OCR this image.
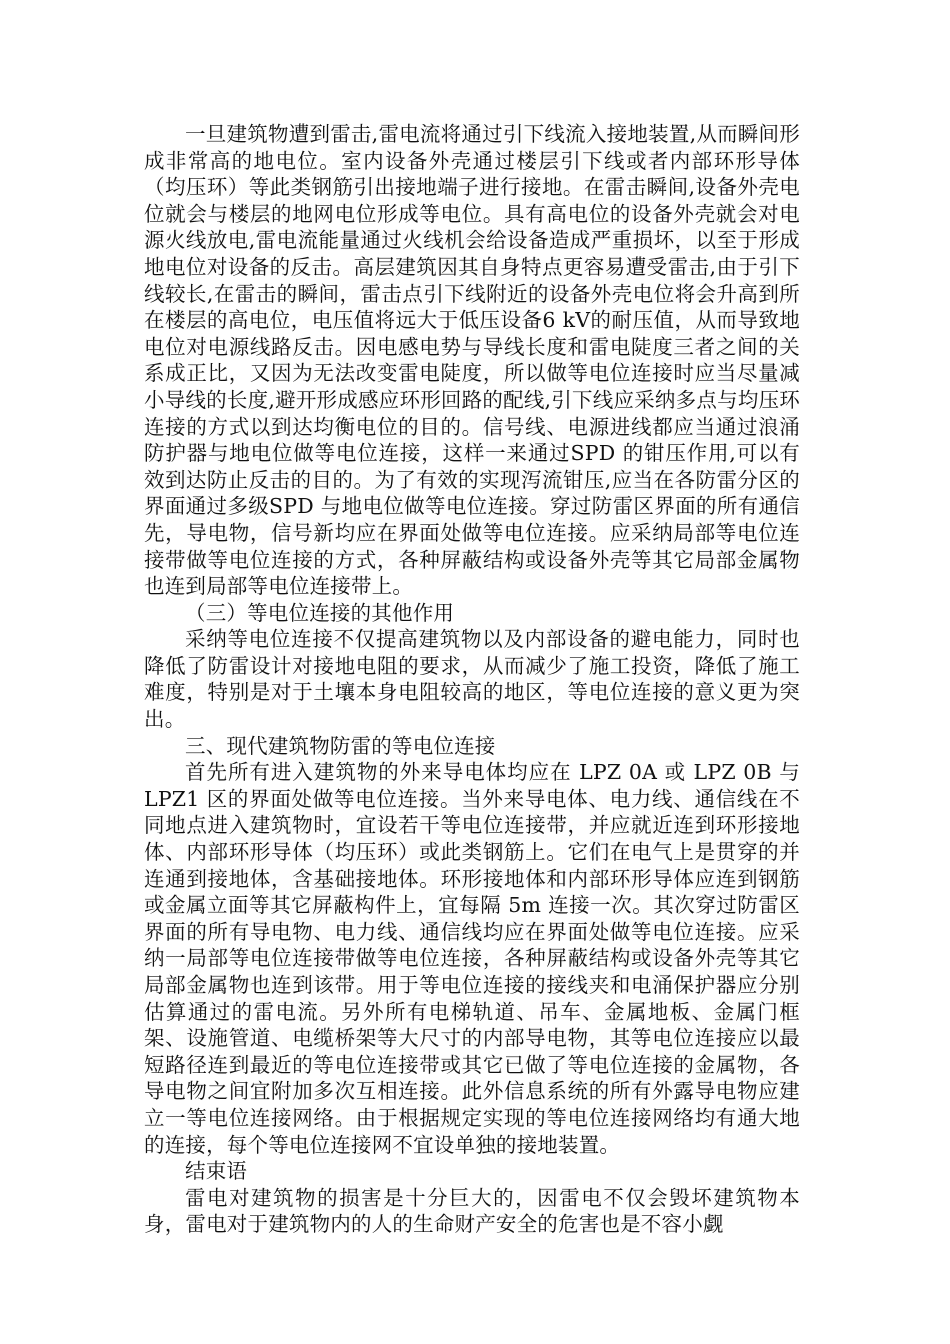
一旦建筑物遭到雷击,雷电流将通过引下线流入接地装置,从而瞬间形成非常高的地电位。室内设备外壳通过楼层引下线或者内部环形导体（均压环）等此类钢筋引出接地端子进行接地。在雷击瞬间,设备外壳电位就会与楼层的地网电位形成等电位。具有高电位的设备外壳就会对电源火线放电,雷电流能量通过火线机会给设备造成严重损坏，以至于形成地电位对设备的反击。高层建筑因其自身特点更容易遭受雷击,由于引下线较长,在雷击的瞬间，雷击点引下线附近的设备外壳电位将会升高到所在楼层的高电位，电压值将远大于低压设备6 kV的耐压值，从而导致地电位对电源线路反击。因电感电势与导线长度和雷电陡度三者之间的关系成正比，又因为无法改变雷电陡度，所以做等电位连接时应当尽量减小导线的长度,避开形成感应环形回路的配线,引下线应采纳多点与均压环连接的方式以到达均衡电位的目的。信号线、电源进线都应当通过浪涌防护器与地电位做等电位连接，这样一来通过SPD 的钳压作用,可以有效到达防止反击的目的。为了有效的实现泻流钳压,应当在各防雷分区的界面通过多级SPD 与地电位做等电位连接。穿过防雷区界面的所有通信先，导电物，信号新均应在界面处做等电位连接。应采纳局部等电位连接带做等电位连接的方式，各种屏蔽结构或设备外壳等其它局部金属物也连到局部等电位连接带上。

（三）等电位连接的其他作用

采纳等电位连接不仅提高建筑物以及内部设备的避电能力，同时也降低了防雷设计对接地电阻的要求，从而减少了施工投资，降低了施工难度，特别是对于土壤本身电阻较高的地区，等电位连接的意义更为突出。

三、现代建筑物防雷的等电位连接

首先所有进入建筑物的外来导电体均应在 LPZ 0A 或 LPZ 0B 与 LPZ1 区的界面处做等电位连接。当外来导电体、电力线、通信线在不同地点进入建筑物时，宜设若干等电位连接带，并应就近连到环形接地体、内部环形导体（均压环）或此类钢筋上。它们在电气上是贯穿的并连通到接地体，含基础接地体。环形接地体和内部环形导体应连到钢筋或金属立面等其它屏蔽构件上，宜每隔 5m 连接一次。其次穿过防雷区界面的所有导电物、电力线、通信线均应在界面处做等电位连接。应采纳一局部等电位连接带做等电位连接，各种屏蔽结构或设备外壳等其它局部金属物也连到该带。用于等电位连接的接线夹和电涌保护器应分别估算通过的雷电流。另外所有电梯轨道、吊车、金属地板、金属门框架、设施管道、电缆桥架等大尺寸的内部导电物，其等电位连接应以最短路径连到最近的等电位连接带或其它已做了等电位连接的金属物，各导电物之间宜附加多次互相连接。此外信息系统的所有外露导电物应建立一等电位连接网络。由于根据规定实现的等电位连接网络均有通大地的连接，每个等电位连接网不宜设单独的接地装置。

结束语

雷电对建筑物的损害是十分巨大的，因雷电不仅会毁坏建筑物本身，雷电对于建筑物内的人的生命财产安全的危害也是不容小觑
